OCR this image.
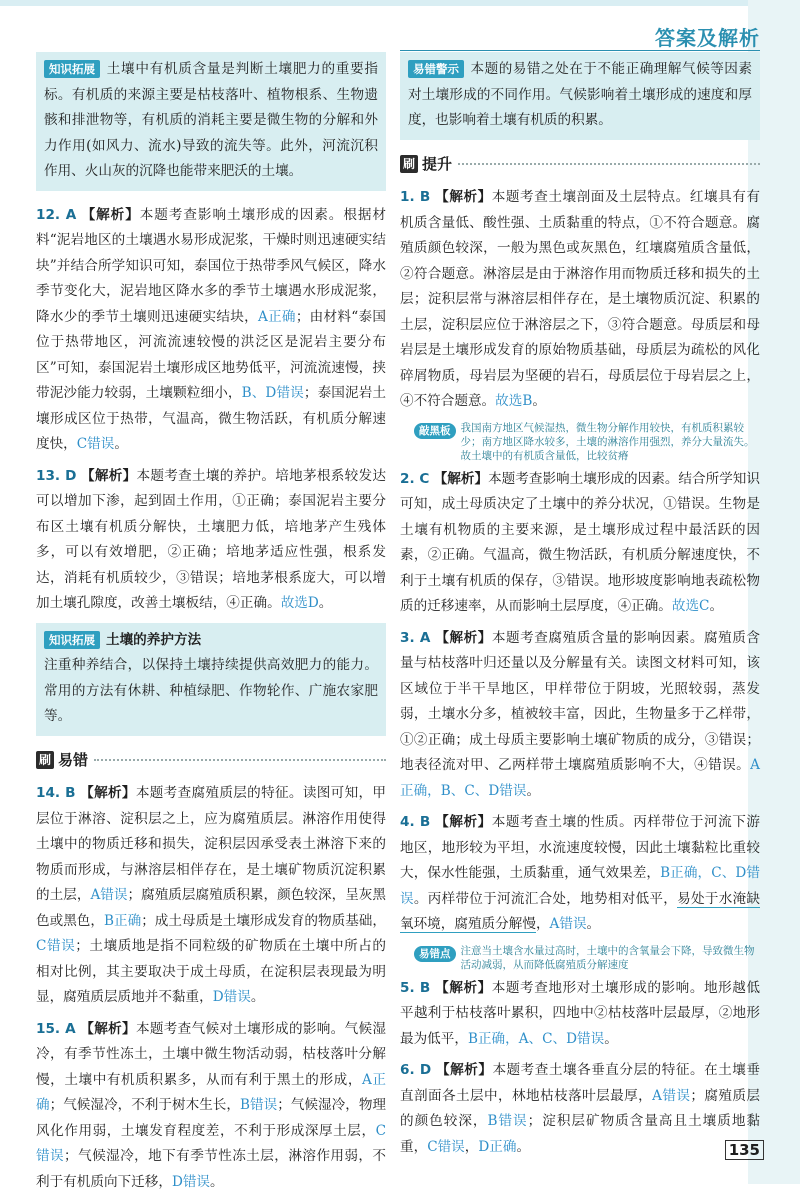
答案及解析
知识拓展 土壤中有机质含量是判断土壤肥力的重要指标。有机质的来源主要是枯枝落叶、植物根系、生物遗骸和排泄物等，有机质的消耗主要是微生物的分解和外力作用(如风力、流水)导致的流失等。此外，河流沉积作用、火山灰的沉降也能带来肥沃的土壤。
12. A 【解析】本题考查影响土壤形成的因素。根据材料“泥岩地区的土壤遇水易形成泥浆，干燥时则迅速硬实结块”并结合所学知识可知，泰国位于热带季风气候区，降水季节变化大，泥岩地区降水多的季节土壤遇水形成泥浆，降水少的季节土壤则迅速硬实结块，A正确；由材料“泰国位于热带地区，河流流速较慢的洪泛区是泥岩主要分布区”可知，泰国泥岩土壤形成区地势低平，河流流速慢，挟带泥沙能力较弱，土壤颗粒细小，B、D错误；泰国泥岩土壤形成区位于热带，气温高，微生物活跃，有机质分解速度快，C错误。
13. D 【解析】本题考查土壤的养护。培地茅根系较发达可以增加下渗，起到固土作用，①正确；泰国泥岩主要分布区土壤有机质分解快，土壤肥力低，培地茅产生残体多，可以有效增肥，②正确；培地茅适应性强，根系发达，消耗有机质较少，③错误；培地茅根系庞大，可以增加土壤孔隙度，改善土壤板结，④正确。故选D。
知识拓展 土壤的养护方法
注重种养结合，以保持土壤持续提供高效肥力的能力。常用的方法有休耕、种植绿肥、作物轮作、广施农家肥等。
刷 易错
14. B 【解析】本题考查腐殖质层的特征。读图可知，甲层位于淋溶、淀积层之上，应为腐殖质层。淋溶作用使得土壤中的物质迁移和损失，淀积层因承受表土淋溶下来的物质而形成，与淋溶层相伴存在，是土壤矿物质沉淀积累的土层，A错误；腐殖质层腐殖质积累，颜色较深，呈灰黑色或黑色，B正确；成土母质是土壤形成发育的物质基础，C错误；土壤质地是指不同粒级的矿物质在土壤中所占的相对比例，其主要取决于成土母质，在淀积层表现最为明显，腐殖质层质地并不黏重，D错误。
15. A 【解析】本题考查气候对土壤形成的影响。气候湿冷，有季节性冻土，土壤中微生物活动弱，枯枝落叶分解慢，土壤中有机质积累多，从而有利于黑土的形成，A正确；气候湿冷，不利于树木生长，B错误；气候湿冷，物理风化作用弱，土壤发育程度差，不利于形成深厚土层，C错误；气候湿冷，地下有季节性冻土层，淋溶作用弱，不利于有机质向下迁移，D错误。
易错警示 本题的易错之处在于不能正确理解气候等因素对土壤形成的不同作用。气候影响着土壤形成的速度和厚度，也影响着土壤有机质的积累。
刷 提升
1. B 【解析】本题考查土壤剖面及土层特点。红壤具有有机质含量低、酸性强、土质黏重的特点，①不符合题意。腐殖质颜色较深，一般为黑色或灰黑色，红壤腐殖质含量低，②符合题意。淋溶层是由于淋溶作用而物质迁移和损失的土层；淀积层常与淋溶层相伴存在，是土壤物质沉淀、积累的土层，淀积层应位于淋溶层之下，③符合题意。母质层和母岩层是土壤形成发育的原始物质基础，母质层为疏松的风化碎屑物质，母岩层为坚硬的岩石，母质层位于母岩层之上，④不符合题意。故选B。
敲黑板 我国南方地区气候湿热，微生物分解作用较快，有机质积累较少；南方地区降水较多，土壤的淋溶作用强烈，养分大量流失。故土壤中的有机质含量低，比较贫瘠
2. C 【解析】本题考查影响土壤形成的因素。结合所学知识可知，成土母质决定了土壤中的养分状况，①错误。生物是土壤有机物质的主要来源，是土壤形成过程中最活跃的因素，②正确。气温高，微生物活跃，有机质分解速度快，不利于土壤有机质的保存，③错误。地形坡度影响地表疏松物质的迁移速率，从而影响土层厚度，④正确。故选C。
3. A 【解析】本题考查腐殖质含量的影响因素。腐殖质含量与枯枝落叶归还量以及分解量有关。读图文材料可知，该区域位于半干旱地区，甲样带位于阴坡，光照较弱，蒸发弱，土壤水分多，植被较丰富，因此，生物量多于乙样带，①②正确；成土母质主要影响土壤矿物质的成分，③错误；地表径流对甲、乙两样带土壤腐殖质影响不大，④错误。A正确，B、C、D错误。
4. B 【解析】本题考查土壤的性质。丙样带位于河流下游地区，地形较为平坦，水流速度较慢，因此土壤黏粒比重较大，保水性能强，土质黏重，通气效果差，B正确，C、D错误。丙样带位于河流汇合处，地势相对低平，易处于水淹缺氧环境，腐殖质分解慢，A错误。
易错点 注意当土壤含水量过高时，土壤中的含氧量会下降，导致微生物活动减弱，从而降低腐殖质分解速度
5. B 【解析】本题考查地形对土壤形成的影响。地形越低平越利于枯枝落叶累积，四地中②枯枝落叶层最厚，②地形最为低平，B正确，A、C、D错误。
6. D 【解析】本题考查土壤各垂直分层的特征。在土壤垂直剖面各土层中，林地枯枝落叶层最厚，A错误；腐殖质层的颜色较深，B错误；淀积层矿物质含量高且土壤质地黏重，C错误，D正确。	135
